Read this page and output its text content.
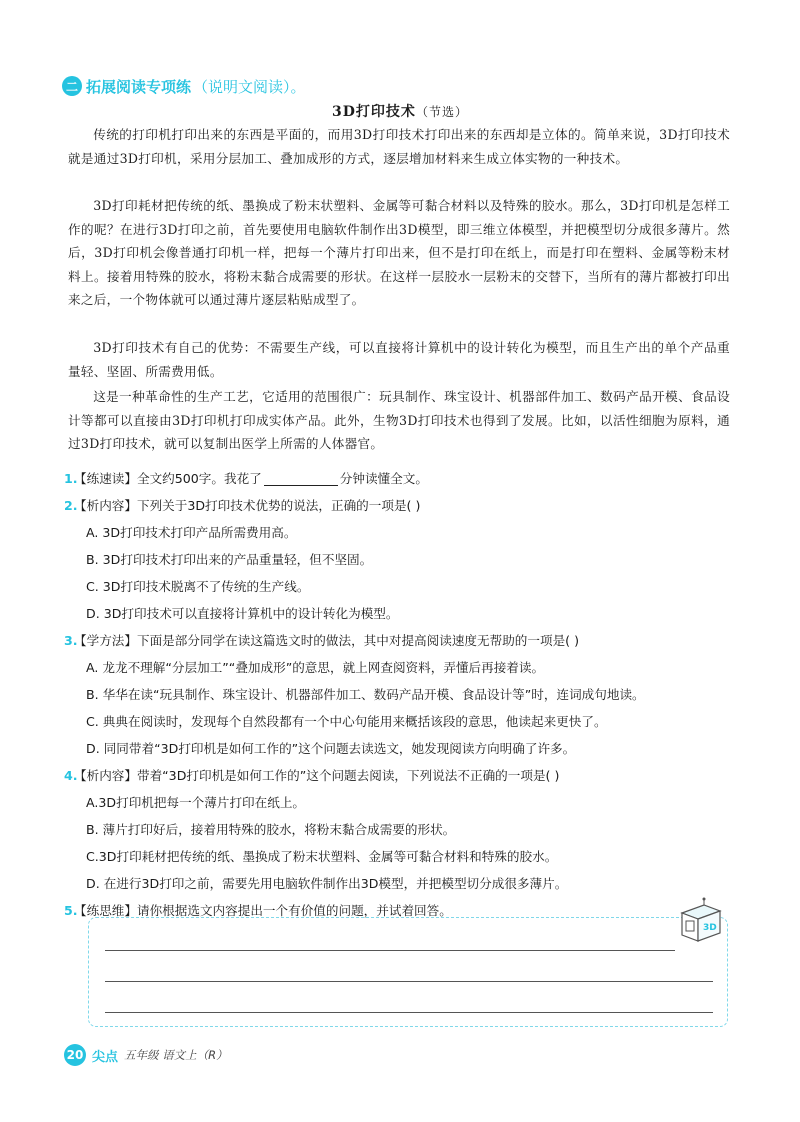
二 拓展阅读专项练 （说明文阅读）。
3D打印技术（节选）

传统的打印机打印出来的东西是平面的，而用3D打印技术打印出来的东西却是立体的。简单来说，3D打印技术就是通过3D打印机，采用分层加工、叠加成形的方式，逐层增加材料来生成立体实物的一种技术。

3D打印耗材把传统的纸、墨换成了粉末状塑料、金属等可黏合材料以及特殊的胶水。那么，3D打印机是怎样工作的呢？在进行3D打印之前，首先要使用电脑软件制作出3D模型，即三维立体模型，并把模型切分成很多薄片。然后，3D打印机会像普通打印机一样，把每一个薄片打印出来，但不是打印在纸上，而是打印在塑料、金属等粉末材料上。接着用特殊的胶水，将粉末黏合成需要的形状。在这样一层胶水一层粉末的交替下，当所有的薄片都被打印出来之后，一个物体就可以通过薄片逐层粘贴成型了。

3D打印技术有自己的优势：不需要生产线，可以直接将计算机中的设计转化为模型，而且生产出的单个产品重量轻、坚固、所需费用低。

这是一种革命性的生产工艺，它适用的范围很广：玩具制作、珠宝设计、机器部件加工、数码产品开模、食品设计等都可以直接由3D打印机打印成实体产品。此外，生物3D打印技术也得到了发展。比如，以活性细胞为原料，通过3D打印技术，就可以复制出医学上所需的人体器官。

1.
【练速读】 全文约500字。我花了	分钟读懂全文。
2.
【析内容】 下列关于3D打印技术优势的说法，正确的一项是( )
A. 3D打印技术打印产品所需费用高。
B. 3D打印技术打印出来的产品重量轻，但不坚固。
C. 3D打印技术脱离不了传统的生产线。
D. 3D打印技术可以直接将计算机中的设计转化为模型。
3.
【学方法】 下面是部分同学在读这篇选文时的做法，其中对提高阅读速度无帮助的一项是( )
A. 龙龙不理解“分层加工”“叠加成形”的意思，就上网查阅资料，弄懂后再接着读。
B. 华华在读“玩具制作、珠宝设计、机器部件加工、数码产品开模、食品设计等”时，连词成句地读。
C. 典典在阅读时，发现每个自然段都有一个中心句能用来概括该段的意思，他读起来更快了。
D. 同同带着“3D打印机是如何工作的”这个问题去读选文，她发现阅读方向明确了许多。
4.
【析内容】 带着“3D打印机是如何工作的”这个问题去阅读，下列说法不正确的一项是( )
A.3D打印机把每一个薄片打印在纸上。
B. 薄片打印好后，接着用特殊的胶水，将粉末黏合成需要的形状。
C.3D打印耗材把传统的纸、墨换成了粉末状塑料、金属等可黏合材料和特殊的胶水。
D. 在进行3D打印之前，需要先用电脑软件制作出3D模型，并把模型切分成很多薄片。
5.
【练思维】 请你根据选文内容提出一个有价值的问题，并试着回答。
3D
20 尖点 五年级 语文上（R）
